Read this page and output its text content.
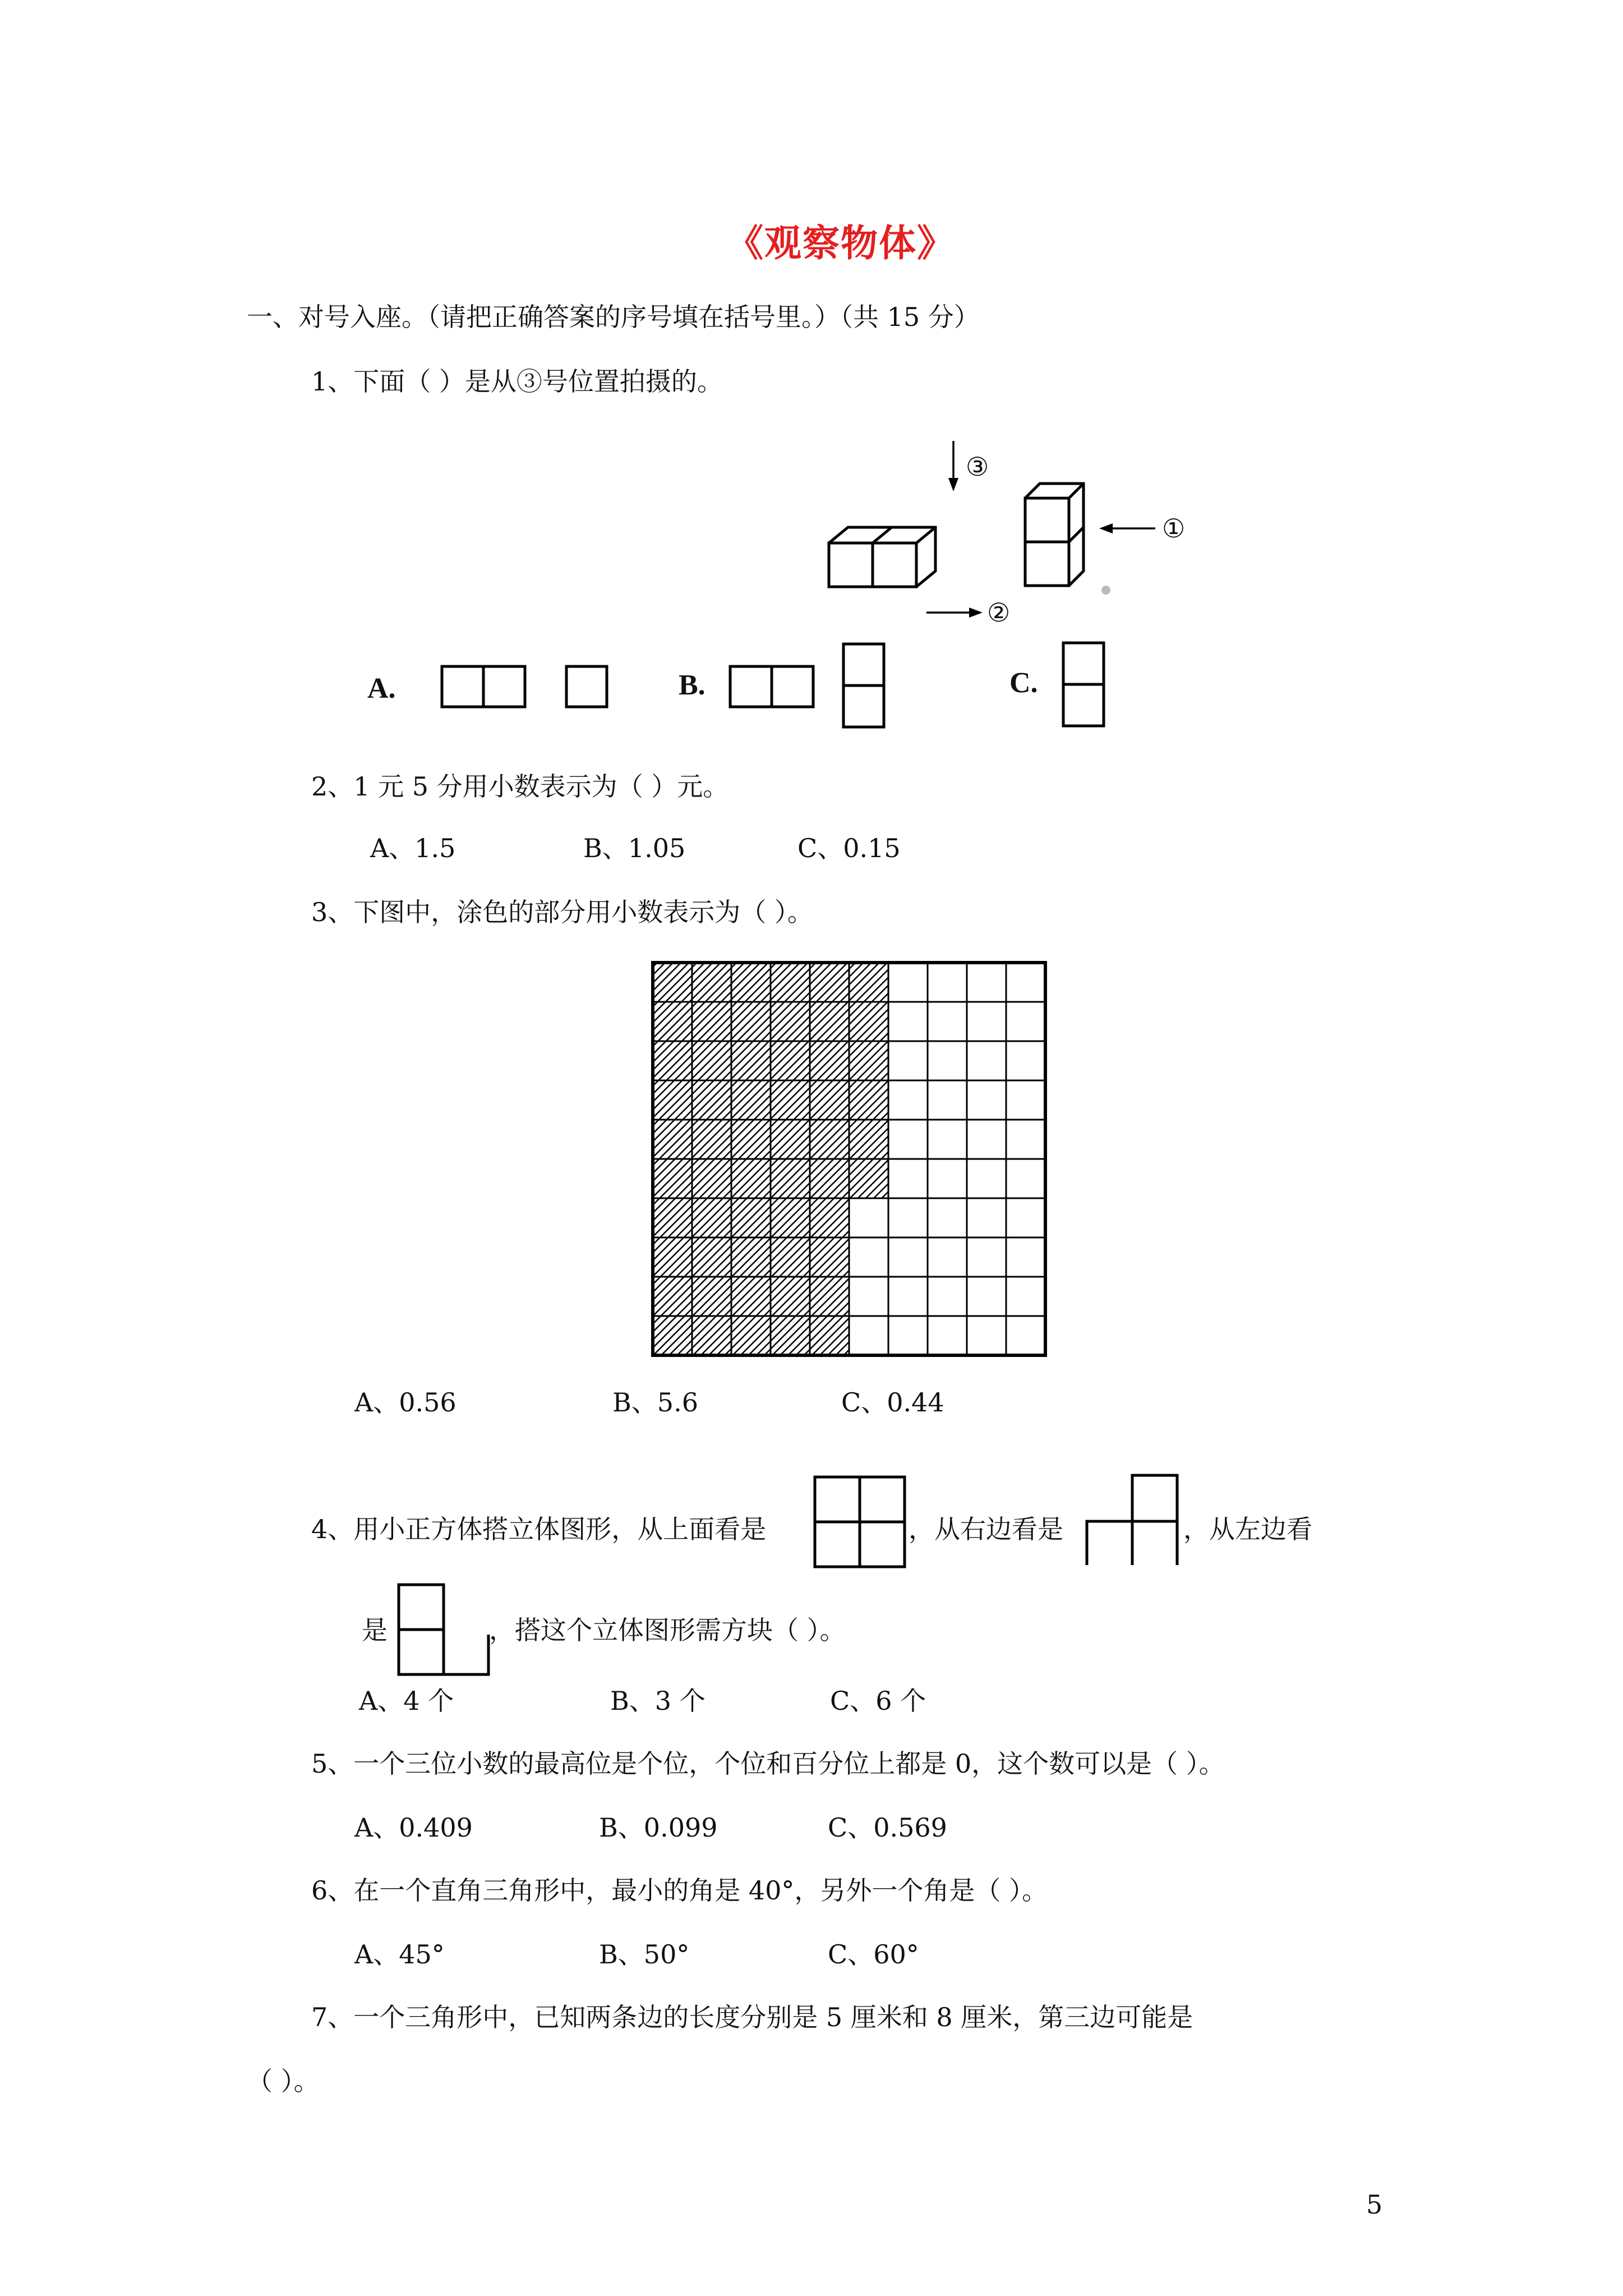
《观察物体》
一、对号入座。（请把正确答案的序号填在括号里。）（共 15 分）
1、下面（ ）是从③号位置拍摄的。
③
①
②
A.	B.	C.
2、1 元 5 分用小数表示为（ ）元。
A、1.5	B、1.05	C、0.15
3、下图中，涂色的部分用小数表示为（ ）。
A、0.56	B、5.6	C、0.44
4、用小正方体搭立体图形，从上面看是	，从右边看是	，从左边看
是	，搭这个立体图形需方块（ ）。
A、4 个	B、3 个	C、6 个
5、一个三位小数的最高位是个位，个位和百分位上都是 0，这个数可以是（ ）。
A、0.409	B、0.099	C、0.569
6、在一个直角三角形中，最小的角是 40°，另外一个角是（ ）。
A、45°	B、50°	C、60°
7、一个三角形中，已知两条边的长度分别是 5 厘米和 8 厘米，第三边可能是
（ ）。
5
